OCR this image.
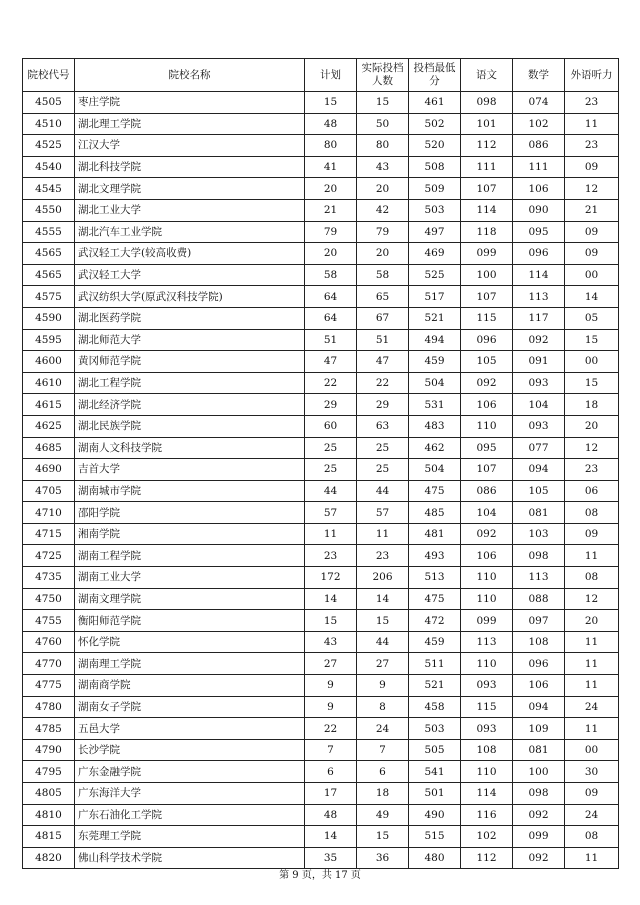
院校代号	院校名称	计划	实际投档人数	投档最低分	语文	数学	外语听力
4505	枣庄学院	15	15	461	098	074	23
4510	湖北理工学院	48	50	502	101	102	11
4525	江汉大学	80	80	520	112	086	23
4540	湖北科技学院	41	43	508	111	111	09
4545	湖北文理学院	20	20	509	107	106	12
4550	湖北工业大学	21	42	503	114	090	21
4555	湖北汽车工业学院	79	79	497	118	095	09
4565	武汉轻工大学(较高收费)	20	20	469	099	096	09
4565	武汉轻工大学	58	58	525	100	114	00
4575	武汉纺织大学(原武汉科技学院)	64	65	517	107	113	14
4590	湖北医药学院	64	67	521	115	117	05
4595	湖北师范大学	51	51	494	096	092	15
4600	黄冈师范学院	47	47	459	105	091	00
4610	湖北工程学院	22	22	504	092	093	15
4615	湖北经济学院	29	29	531	106	104	18
4625	湖北民族学院	60	63	483	110	093	20
4685	湖南人文科技学院	25	25	462	095	077	12
4690	吉首大学	25	25	504	107	094	23
4705	湖南城市学院	44	44	475	086	105	06
4710	邵阳学院	57	57	485	104	081	08
4715	湘南学院	11	11	481	092	103	09
4725	湖南工程学院	23	23	493	106	098	11
4735	湖南工业大学	172	206	513	110	113	08
4750	湖南文理学院	14	14	475	110	088	12
4755	衡阳师范学院	15	15	472	099	097	20
4760	怀化学院	43	44	459	113	108	11
4770	湖南理工学院	27	27	511	110	096	11
4775	湖南商学院	9	9	521	093	106	11
4780	湖南女子学院	9	8	458	115	094	24
4785	五邑大学	22	24	503	093	109	11
4790	长沙学院	7	7	505	108	081	00
4795	广东金融学院	6	6	541	110	100	30
4805	广东海洋大学	17	18	501	114	098	09
4810	广东石油化工学院	48	49	490	116	092	24
4815	东莞理工学院	14	15	515	102	099	08
4820	佛山科学技术学院	35	36	480	112	092	11
第 9 页，共 17 页
